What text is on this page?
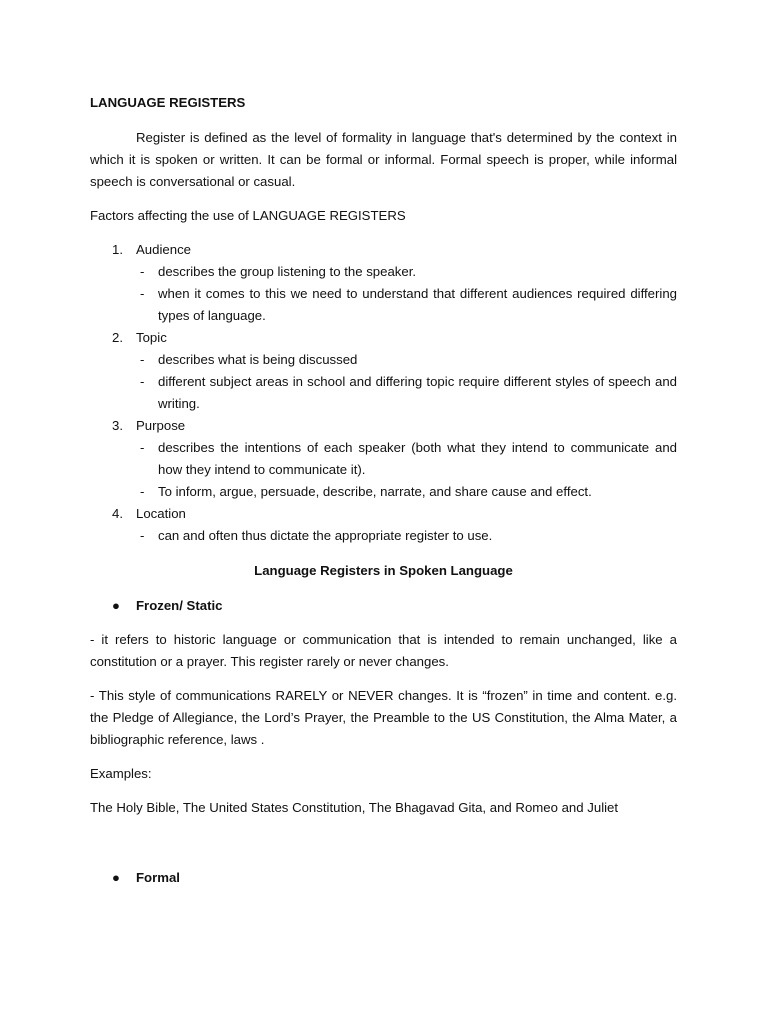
LANGUAGE REGISTERS

Register is defined as the level of formality in language that's determined by the context in which it is spoken or written. It can be formal or informal. Formal speech is proper, while informal speech is conversational or casual.

Factors affecting the use of LANGUAGE REGISTERS

1. Audience
- describes the group listening to the speaker.
- when it comes to this we need to understand that different audiences required differing types of language.
2. Topic
- describes what is being discussed
- different subject areas in school and differing topic require different styles of speech and writing.
3. Purpose
- describes the intentions of each speaker (both what they intend to communicate and how they intend to communicate it).
- To inform, argue, persuade, describe, narrate, and share cause and effect.
4. Location
- can and often thus dictate the appropriate register to use.

Language Registers in Spoken Language

● Frozen/ Static

- it refers to historic language or communication that is intended to remain unchanged, like a constitution or a prayer. This register rarely or never changes.

- This style of communications RARELY or NEVER changes. It is “frozen” in time and content. e.g. the Pledge of Allegiance, the Lord’s Prayer, the Preamble to the US Constitution, the Alma Mater, a bibliographic reference, laws .

Examples:

The Holy Bible, The United States Constitution, The Bhagavad Gita, and Romeo and Juliet

● Formal
